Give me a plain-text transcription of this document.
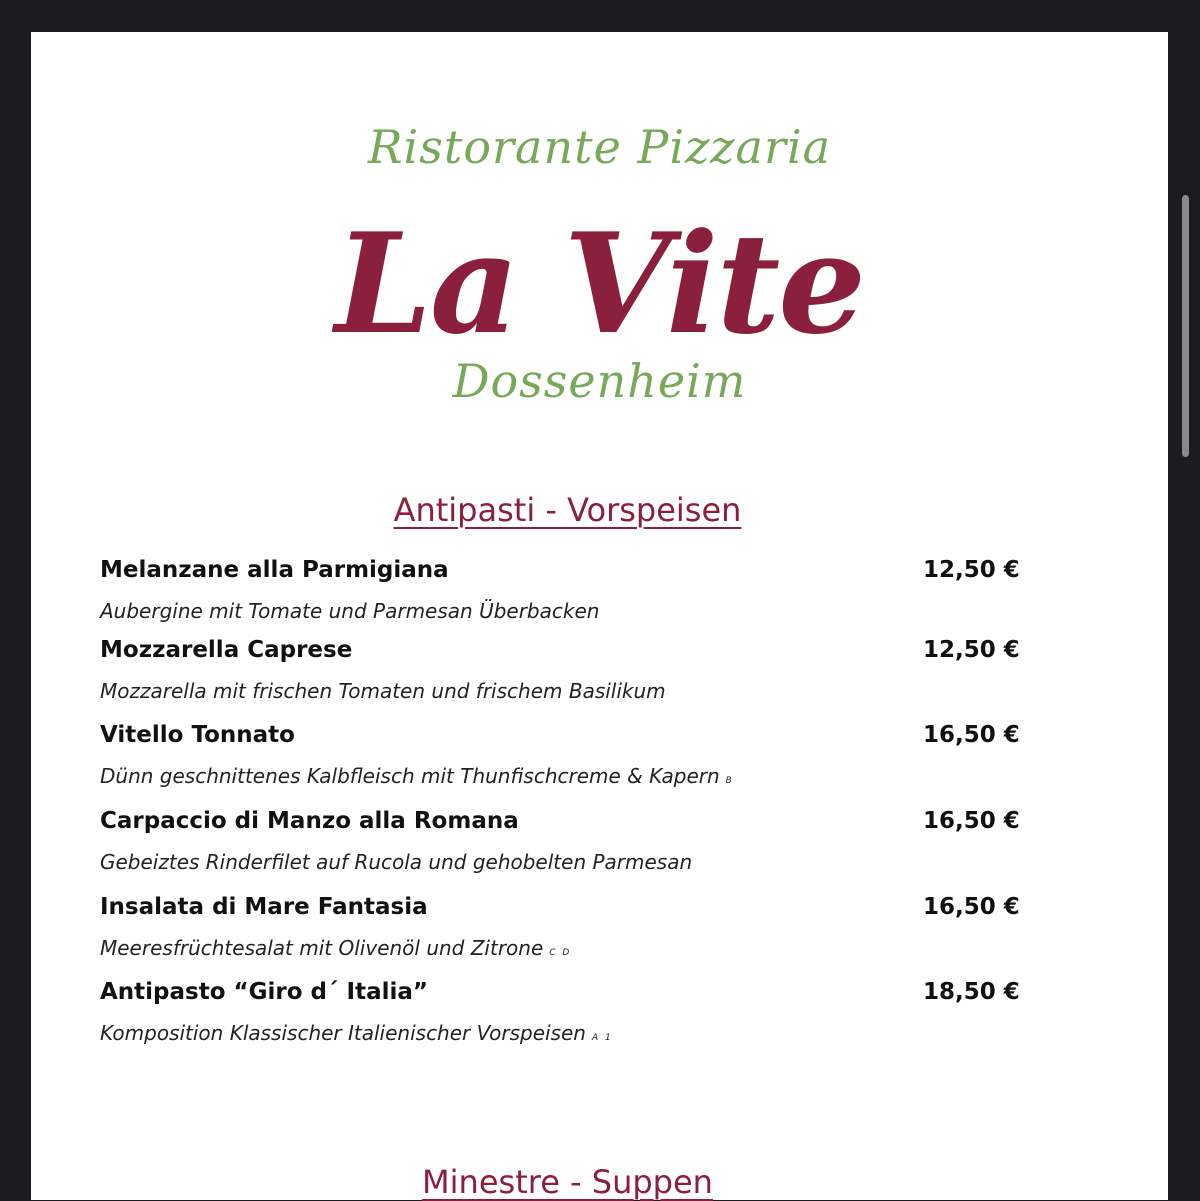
Ristorante Pizzaria
La Vite
Dossenheim
Antipasti - Vorspeisen
Melanzane alla Parmigiana	12,50 €
Aubergine mit Tomate und Parmesan Überbacken
Mozzarella Caprese	12,50 €
Mozzarella mit frischen Tomaten und frischem Basilikum
Vitello Tonnato	16,50 €
Dünn geschnittenes Kalbfleisch mit Thunfischcreme & Kapern B
Carpaccio di Manzo alla Romana	16,50 €
Gebeiztes Rinderfilet auf Rucola und gehobelten Parmesan
Insalata di Mare Fantasia	16,50 €
Meeresfrüchtesalat mit Olivenöl und Zitrone C D
Antipasto “Giro d´ Italia”	18,50 €
Komposition Klassischer Italienischer Vorspeisen A 1
Minestre - Suppen
